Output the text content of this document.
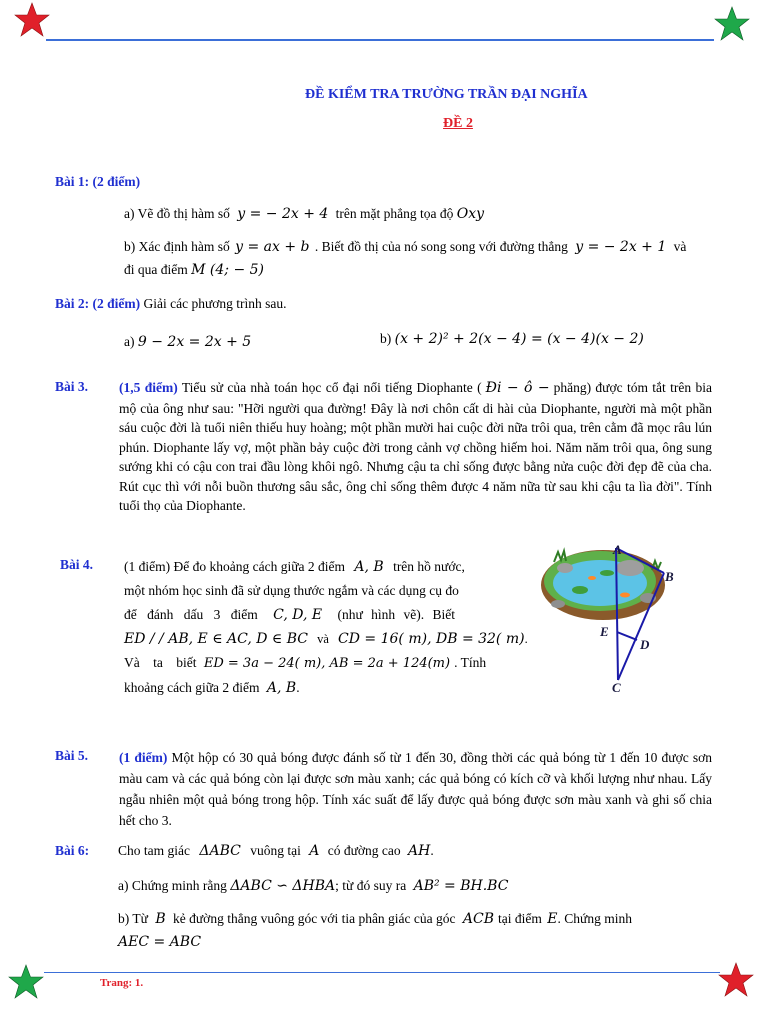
ĐỀ KIỂM TRA TRƯỜNG TRẦN ĐẠI NGHĨA
ĐỀ 2
Bài 1: (2 điểm)
a) Vẽ đồ thị hàm số y = − 2x + 4 trên mặt phẳng tọa độ Oxy
b) Xác định hàm số y = ax + b . Biết đồ thị của nó song song với đường thẳng y = − 2x + 1 và
đi qua điểm M (4; − 5)
Bài 2: (2 điểm) Giải các phương trình sau.
a) 9 − 2x = 2x + 5	b) (x + 2)² + 2(x − 4) = (x − 4)(x − 2)
Bài 3. (1,5 điểm) Tiểu sử của nhà toán học cổ đại nổi tiếng Diophante ( Đi − ô − phăng) được tóm tắt trên bia mộ của ông như sau: "Hỡi người qua đường! Đây là nơi chôn cất di hài của Diophante, người mà một phần sáu cuộc đời là tuổi niên thiếu huy hoàng; một phần mười hai cuộc đời nữa trôi qua, trên cằm đã mọc râu lún phún. Diophante lấy vợ, một phần bảy cuộc đời trong cảnh vợ chồng hiếm hoi. Năm năm trôi qua, ông sung sướng khi có cậu con trai đầu lòng khôi ngô. Nhưng cậu ta chỉ sống được bằng nửa cuộc đời đẹp đẽ của cha. Rút cục thì với nỗi buồn thương sâu sắc, ông chỉ sống thêm được 4 năm nữa từ sau khi cậu ta lìa đời". Tính tuổi thọ của Diophante.
Bài 4. (1 điểm) Để đo khoảng cách giữa 2 điểm A, B trên hồ nước,
một nhóm học sinh đã sử dụng thước ngắm và các dụng cụ đo
để đánh dấu 3 điểm C, D, E (như hình vẽ). Biết
ED / / AB, E ∈ AC, D ∈ BC và CD = 16( m), DB = 32( m).
Và ta biết ED = 3a − 24( m), AB = 2a + 124(m) . Tính
khoảng cách giữa 2 điểm A, B.
A
B
E
D
C
Bài 5. (1 điểm) Một hộp có 30 quả bóng được đánh số từ 1 đến 30, đồng thời các quả bóng từ 1 đến 10 được sơn màu cam và các quả bóng còn lại được sơn màu xanh; các quả bóng có kích cỡ và khối lượng như nhau. Lấy ngẫu nhiên một quả bóng trong hộp. Tính xác suất để lấy được quả bóng được sơn màu xanh và ghi số chia hết cho 3.
Bài 6: Cho tam giác ΔABC vuông tại A có đường cao AH.
a) Chứng minh rằng ΔABC ∽ ΔHBA; từ đó suy ra AB² = BH.BC
b) Từ B kẻ đường thẳng vuông góc với tia phân giác của góc ACB tại điểm E. Chứng minh
AEC = ABC
Trang: 1.
